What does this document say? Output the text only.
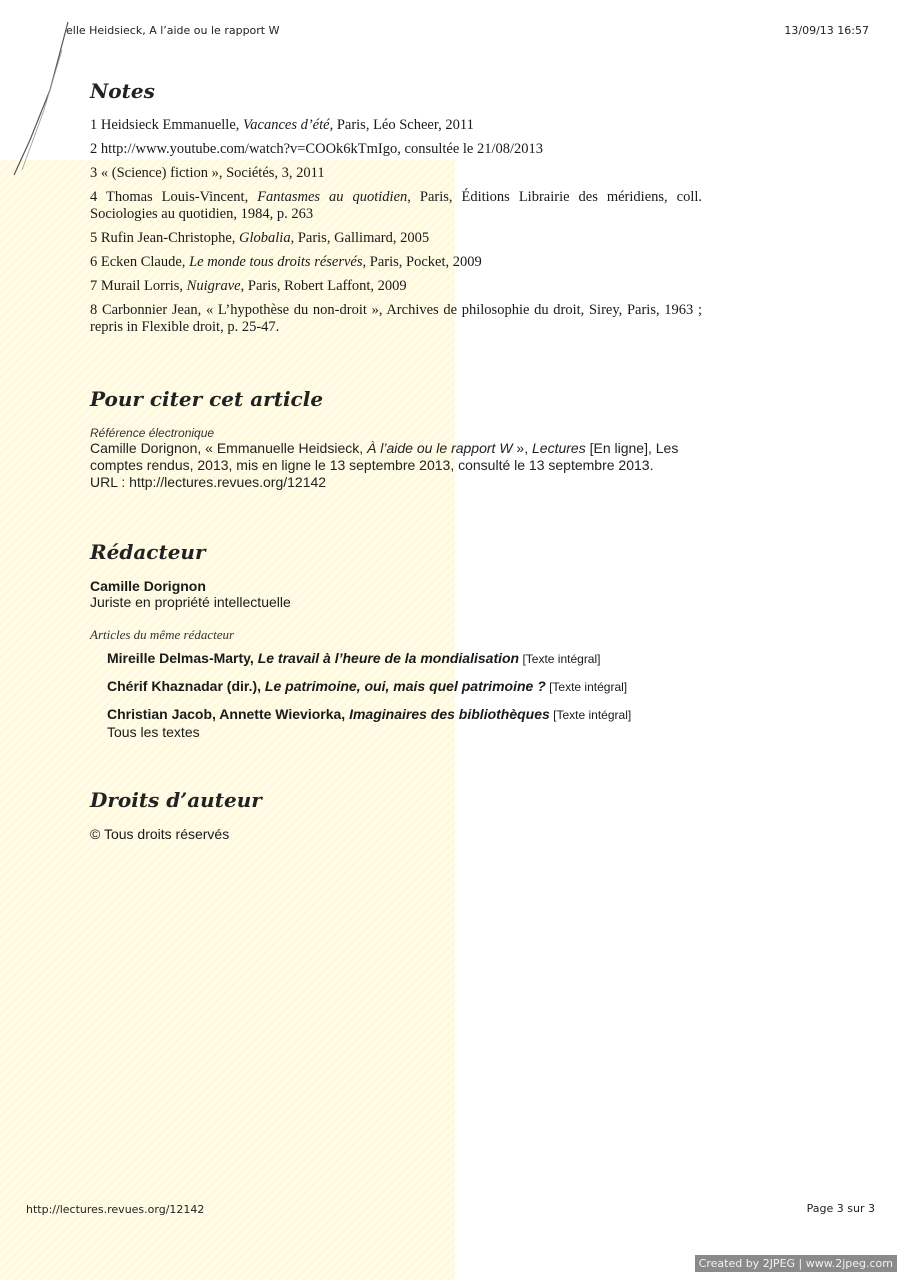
elle Heidsieck, A l’aide ou le rapport W	13/09/13 16:57
Notes
1 Heidsieck Emmanuelle, Vacances d’été, Paris, Léo Scheer, 2011
2 http://www.youtube.com/watch?v=COOk6kTmIgo, consultée le 21/08/2013
3 « (Science) fiction », Sociétés, 3, 2011
4 Thomas Louis-Vincent, Fantasmes au quotidien, Paris, Éditions Librairie des méridiens, coll. Sociologies au quotidien, 1984, p. 263
5 Rufin Jean-Christophe, Globalia, Paris, Gallimard, 2005
6 Ecken Claude, Le monde tous droits réservés, Paris, Pocket, 2009
7 Murail Lorris, Nuigrave, Paris, Robert Laffont, 2009
8 Carbonnier Jean, « L’hypothèse du non-droit », Archives de philosophie du droit, Sirey, Paris, 1963 ; repris in Flexible droit, p. 25-47.
Pour citer cet article
Référence électronique
Camille Dorignon, « Emmanuelle Heidsieck, À l’aide ou le rapport W », Lectures [En ligne], Les comptes rendus, 2013, mis en ligne le 13 septembre 2013, consulté le 13 septembre 2013.
URL : http://lectures.revues.org/12142
Rédacteur
Camille Dorignon
Juriste en propriété intellectuelle
Articles du même rédacteur
Mireille Delmas-Marty, Le travail à l’heure de la mondialisation [Texte intégral]
Chérif Khaznadar (dir.), Le patrimoine, oui, mais quel patrimoine ? [Texte intégral]
Christian Jacob, Annette Wieviorka, Imaginaires des bibliothèques [Texte intégral]
Tous les textes
Droits d’auteur
© Tous droits réservés
http://lectures.revues.org/12142	Page 3 sur 3
Created by 2JPEG | www.2jpeg.com
